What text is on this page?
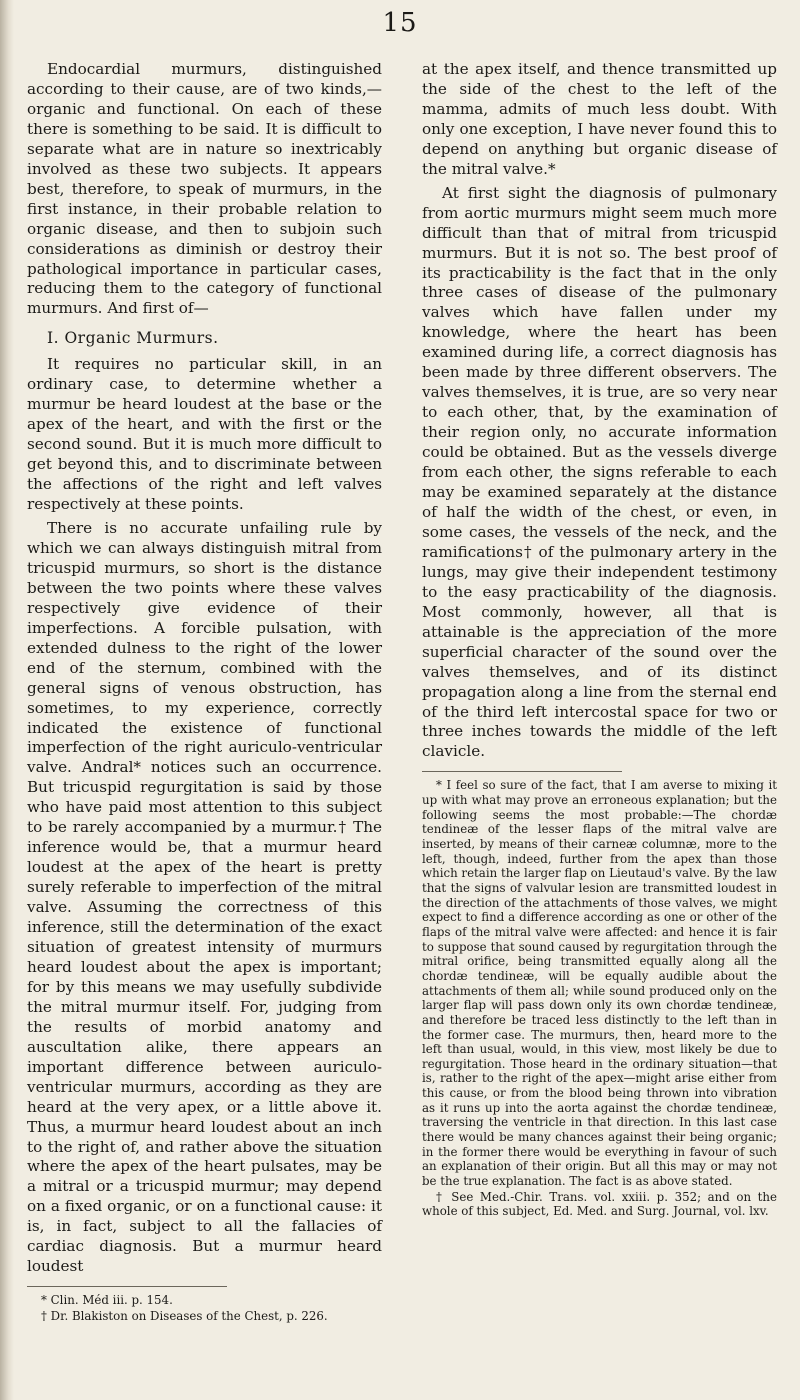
15

Endocardial murmurs, distinguished according to their cause, are of two kinds,—organic and functional. On each of these there is something to be said. It is difficult to separate what are in nature so inextricably involved as these two subjects. It appears best, therefore, to speak of murmurs, in the first instance, in their probable relation to organic disease, and then to subjoin such considerations as diminish or destroy their pathological importance in particular cases, reducing them to the category of functional murmurs. And first of—

I. Organic Murmurs.

It requires no particular skill, in an ordinary case, to determine whether a murmur be heard loudest at the base or the apex of the heart, and with the first or the second sound. But it is much more difficult to get beyond this, and to discriminate between the affections of the right and left valves respectively at these points.

There is no accurate unfailing rule by which we can always distinguish mitral from tricuspid murmurs, so short is the distance between the two points where these valves respectively give evidence of their imperfections. A forcible pulsation, with extended dulness to the right of the lower end of the sternum, combined with the general signs of venous obstruction, has sometimes, to my experience, correctly indicated the existence of functional imperfection of the right auriculo-ventricular valve. Andral* notices such an occurrence. But tricuspid regurgitation is said by those who have paid most attention to this subject to be rarely accompanied by a murmur.† The inference would be, that a murmur heard loudest at the apex of the heart is pretty surely referable to imperfection of the mitral valve. Assuming the correctness of this inference, still the determination of the exact situation of greatest intensity of murmurs heard loudest about the apex is important; for by this means we may usefully subdivide the mitral murmur itself. For, judging from the results of morbid anatomy and auscultation alike, there appears an important difference between auriculo-ventricular murmurs, according as they are heard at the very apex, or a little above it. Thus, a murmur heard loudest about an inch to the right of, and rather above the situation where the apex of the heart pulsates, may be a mitral or a tricuspid murmur; may depend on a fixed organic, or on a functional cause: it is, in fact, subject to all the fallacies of cardiac diagnosis. But a murmur heard loudest

* Clin. Méd iii. p. 154.

† Dr. Blakiston on Diseases of the Chest, p. 226.

at the apex itself, and thence transmitted up the side of the chest to the left of the mamma, admits of much less doubt. With only one exception, I have never found this to depend on anything but organic disease of the mitral valve.*

At first sight the diagnosis of pulmonary from aortic murmurs might seem much more difficult than that of mitral from tricuspid murmurs. But it is not so. The best proof of its practicability is the fact that in the only three cases of disease of the pulmonary valves which have fallen under my knowledge, where the heart has been examined during life, a correct diagnosis has been made by three different observers. The valves themselves, it is true, are so very near to each other, that, by the examination of their region only, no accurate information could be obtained. But as the vessels diverge from each other, the signs referable to each may be examined separately at the distance of half the width of the chest, or even, in some cases, the vessels of the neck, and the ramifications† of the pulmonary artery in the lungs, may give their independent testimony to the easy practicability of the diagnosis. Most commonly, however, all that is attainable is the appreciation of the more superficial character of the sound over the valves themselves, and of its distinct propagation along a line from the sternal end of the third left intercostal space for two or three inches towards the middle of the left clavicle.

* I feel so sure of the fact, that I am averse to mixing it up with what may prove an erroneous explanation; but the following seems the most probable:—The chordæ tendineæ of the lesser flaps of the mitral valve are inserted, by means of their carneæ columnæ, more to the left, though, indeed, further from the apex than those which retain the larger flap on Lieutaud's valve. By the law that the signs of valvular lesion are transmitted loudest in the direction of the attachments of those valves, we might expect to find a difference according as one or other of the flaps of the mitral valve were affected: and hence it is fair to suppose that sound caused by regurgitation through the mitral orifice, being transmitted equally along all the chordæ tendineæ, will be equally audible about the attachments of them all; while sound produced only on the larger flap will pass down only its own chordæ tendineæ, and therefore be traced less distinctly to the left than in the former case. The murmurs, then, heard more to the left than usual, would, in this view, most likely be due to regurgitation. Those heard in the ordinary situation—that is, rather to the right of the apex—might arise either from this cause, or from the blood being thrown into vibration as it runs up into the aorta against the chordæ tendineæ, traversing the ventricle in that direction. In this last case there would be many chances against their being organic; in the former there would be everything in favour of such an explanation of their origin. But all this may or may not be the true explanation. The fact is as above stated.

† See Med.-Chir. Trans. vol. xxiii. p. 352; and on the whole of this subject, Ed. Med. and Surg. Journal, vol. lxv.
